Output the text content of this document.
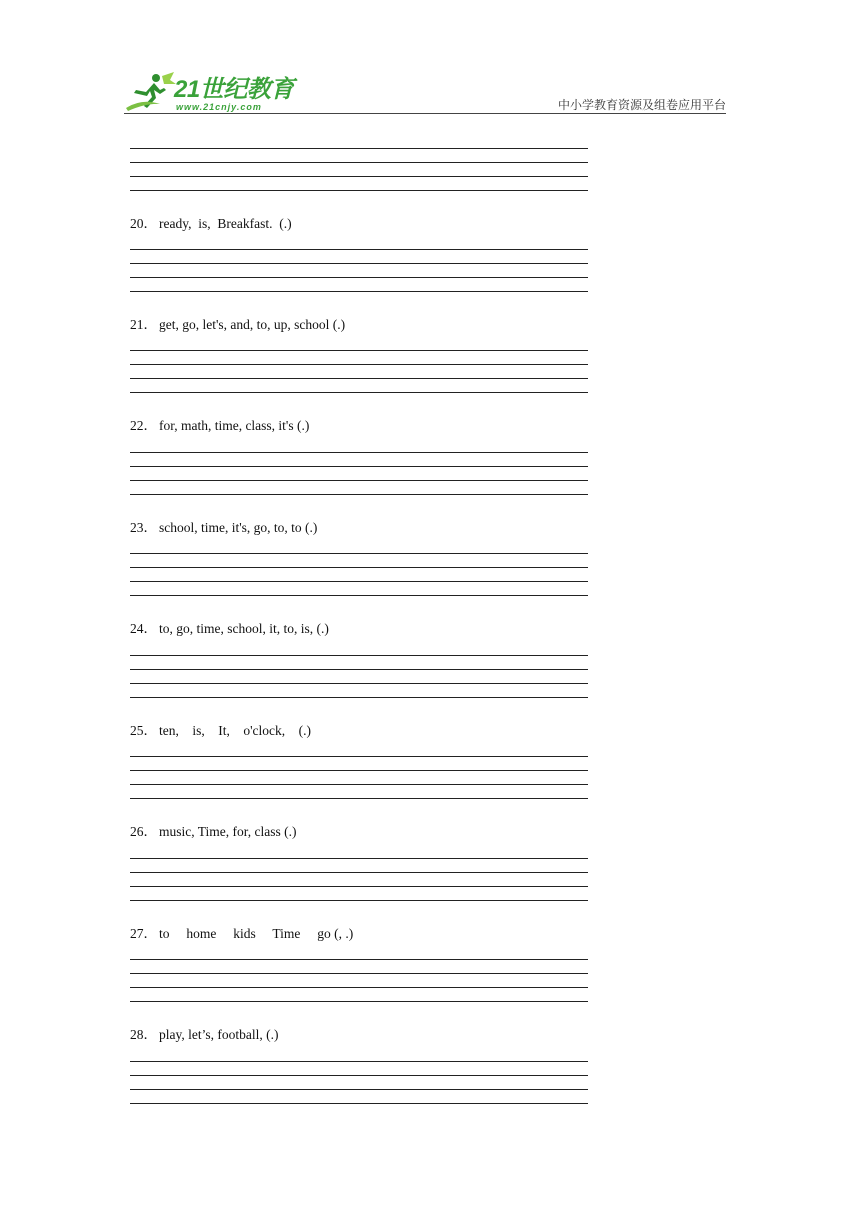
21世纪教育
www.21cnjy.com	中小学教育资源及组卷应用平台
20． ready,  is,  Breakfast.  (.)
21． get, go, let's, and, to, up, school (.)
22． for, math, time, class, it's (.)
23． school, time, it's, go, to, to (.)
24． to, go, time, school, it, to, is, (.)
25． ten,    is,    It,    o'clock,    (.)
26． music, Time, for, class (.)
27． to     home     kids     Time     go (, .)
28． play, let’s, football, (.)
